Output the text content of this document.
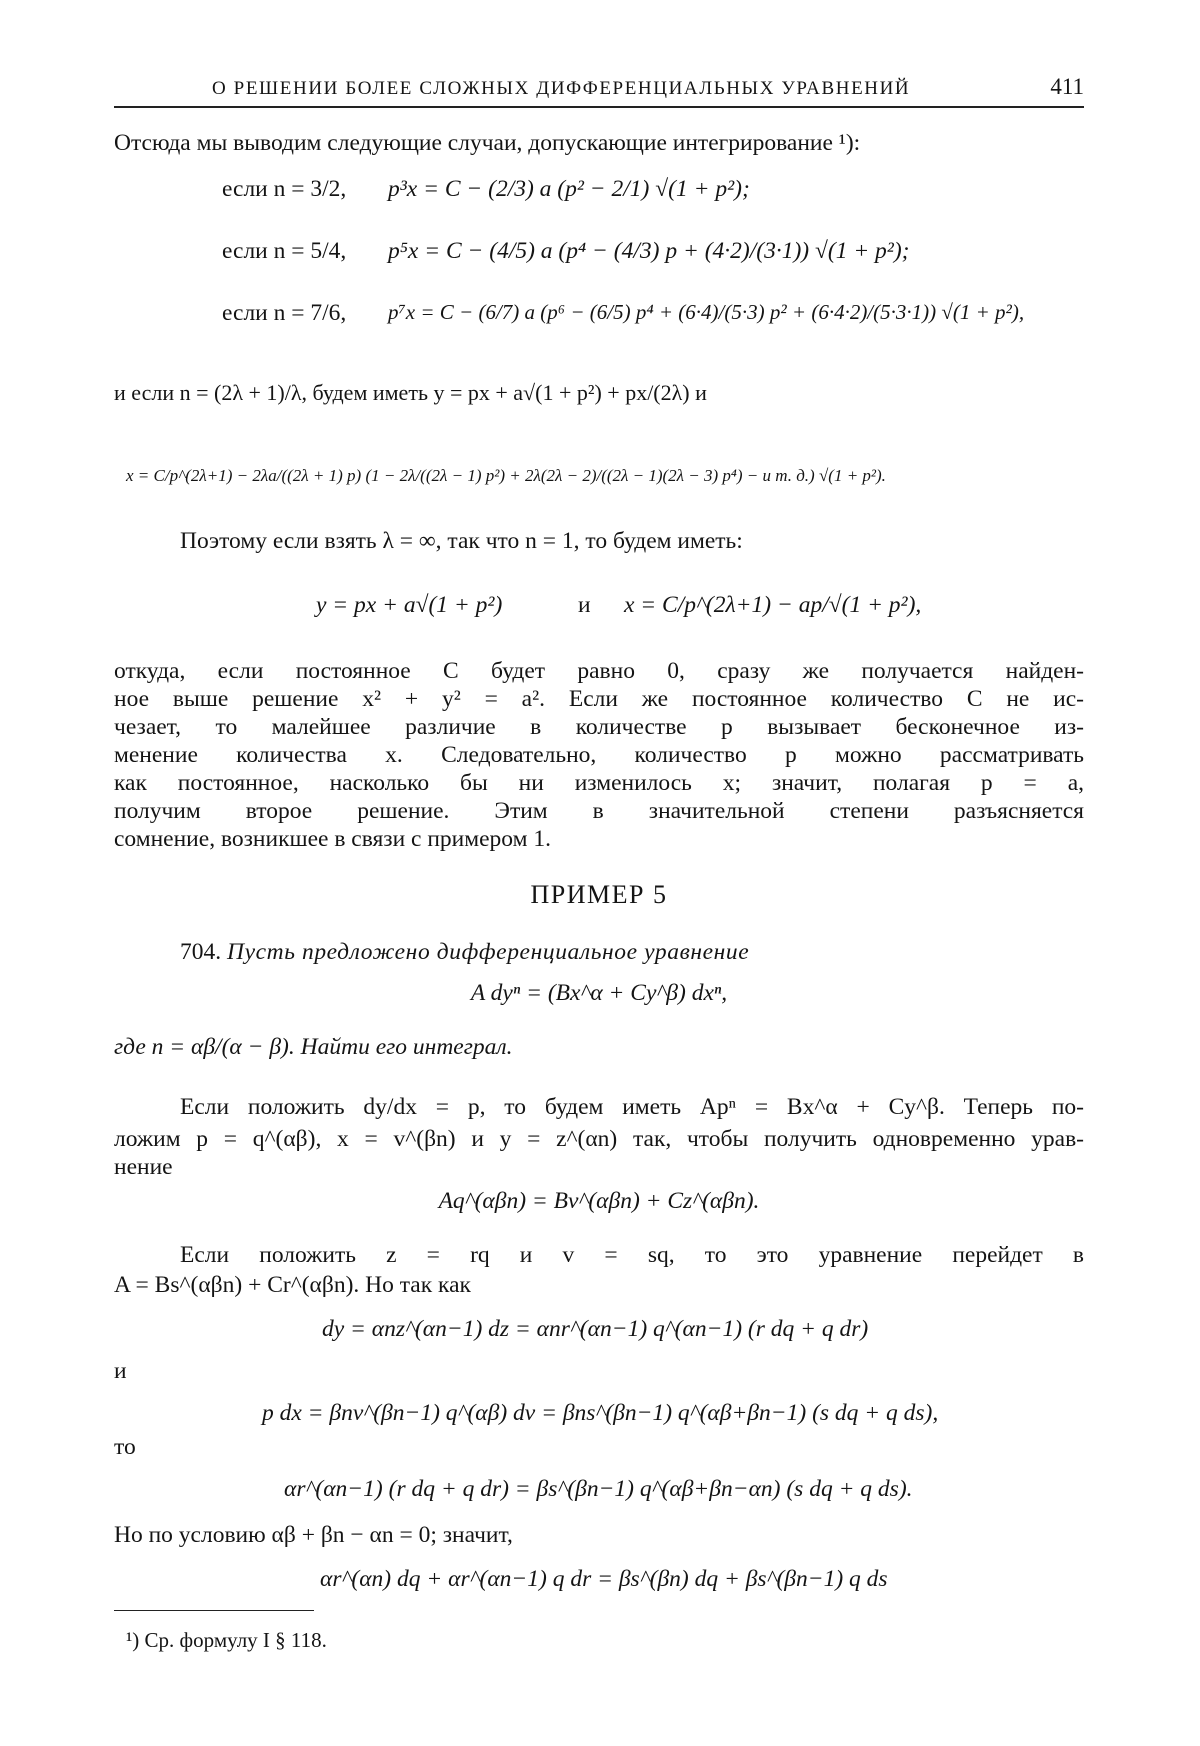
О РЕШЕНИИ БОЛЕЕ СЛОЖНЫХ ДИФФЕРЕНЦИАЛЬНЫХ УРАВНЕНИЙ	411
Отсюда мы выводим следующие случаи, допускающие интегрирование ¹):
если n = 3/2, p³x = C − (2/3) a (p² − 2/1) √(1 + p²);
если n = 5/4, p⁵x = C − (4/5) a (p⁴ − (4/3) p + (4·2)/(3·1)) √(1 + p²);
если n = 7/6, p⁷x = C − (6/7) a (p⁶ − (6/5) p⁴ + (6·4)/(5·3) p² + (6·4·2)/(5·3·1)) √(1 + p²),
и если n = (2λ + 1)/λ, будем иметь y = px + a√(1 + p²) + px/(2λ) и
x = C/p^(2λ+1) − 2λa/((2λ + 1) p) (1 − 2λ/((2λ − 1) p²) + 2λ(2λ − 2)/((2λ − 1)(2λ − 3) p⁴) − и т. д.) √(1 + p²).
Поэтому если взять λ = ∞, так что n = 1, то будем иметь:
y = px + a√(1 + p²)	и x = C/p^(2λ+1) − ap/√(1 + p²),
откуда, если постоянное C будет равно 0, сразу же получается найден-
ное выше решение x² + y² = a². Если же постоянное количество C не ис-
чезает, то малейшее различие в количестве p вызывает бесконечное из-
менение количества x. Следовательно, количество p можно рассматривать
как постоянное, насколько бы ни изменилось x; значит, полагая p = a,
получим второе решение. Этим в значительной степени разъясняется
сомнение, возникшее в связи с примером 1.
ПРИМЕР 5
704. Пусть предложено дифференциальное уравнение
A dyⁿ = (Bx^α + Cy^β) dxⁿ,
где n = αβ/(α − β). Найти его интеграл.
Если положить dy/dx = p, то будем иметь Apⁿ = Bx^α + Cy^β. Теперь по-
ложим p = q^(αβ), x = v^(βn) и y = z^(αn) так, чтобы получить одновременно урав-
нение
Aq^(αβn) = Bv^(αβn) + Cz^(αβn).
Если положить z = rq и v = sq, то это уравнение перейдет в
A = Bs^(αβn) + Cr^(αβn). Но так как
dy = αnz^(αn−1) dz = αnr^(αn−1) q^(αn−1) (r dq + q dr)
и
p dx = βnv^(βn−1) q^(αβ) dv = βns^(βn−1) q^(αβ+βn−1) (s dq + q ds),
то
αr^(αn−1) (r dq + q dr) = βs^(βn−1) q^(αβ+βn−αn) (s dq + q ds).
Но по условию αβ + βn − αn = 0; значит,
αr^(αn) dq + αr^(αn−1) q dr = βs^(βn) dq + βs^(βn−1) q ds
¹) Ср. формулу I § 118.
